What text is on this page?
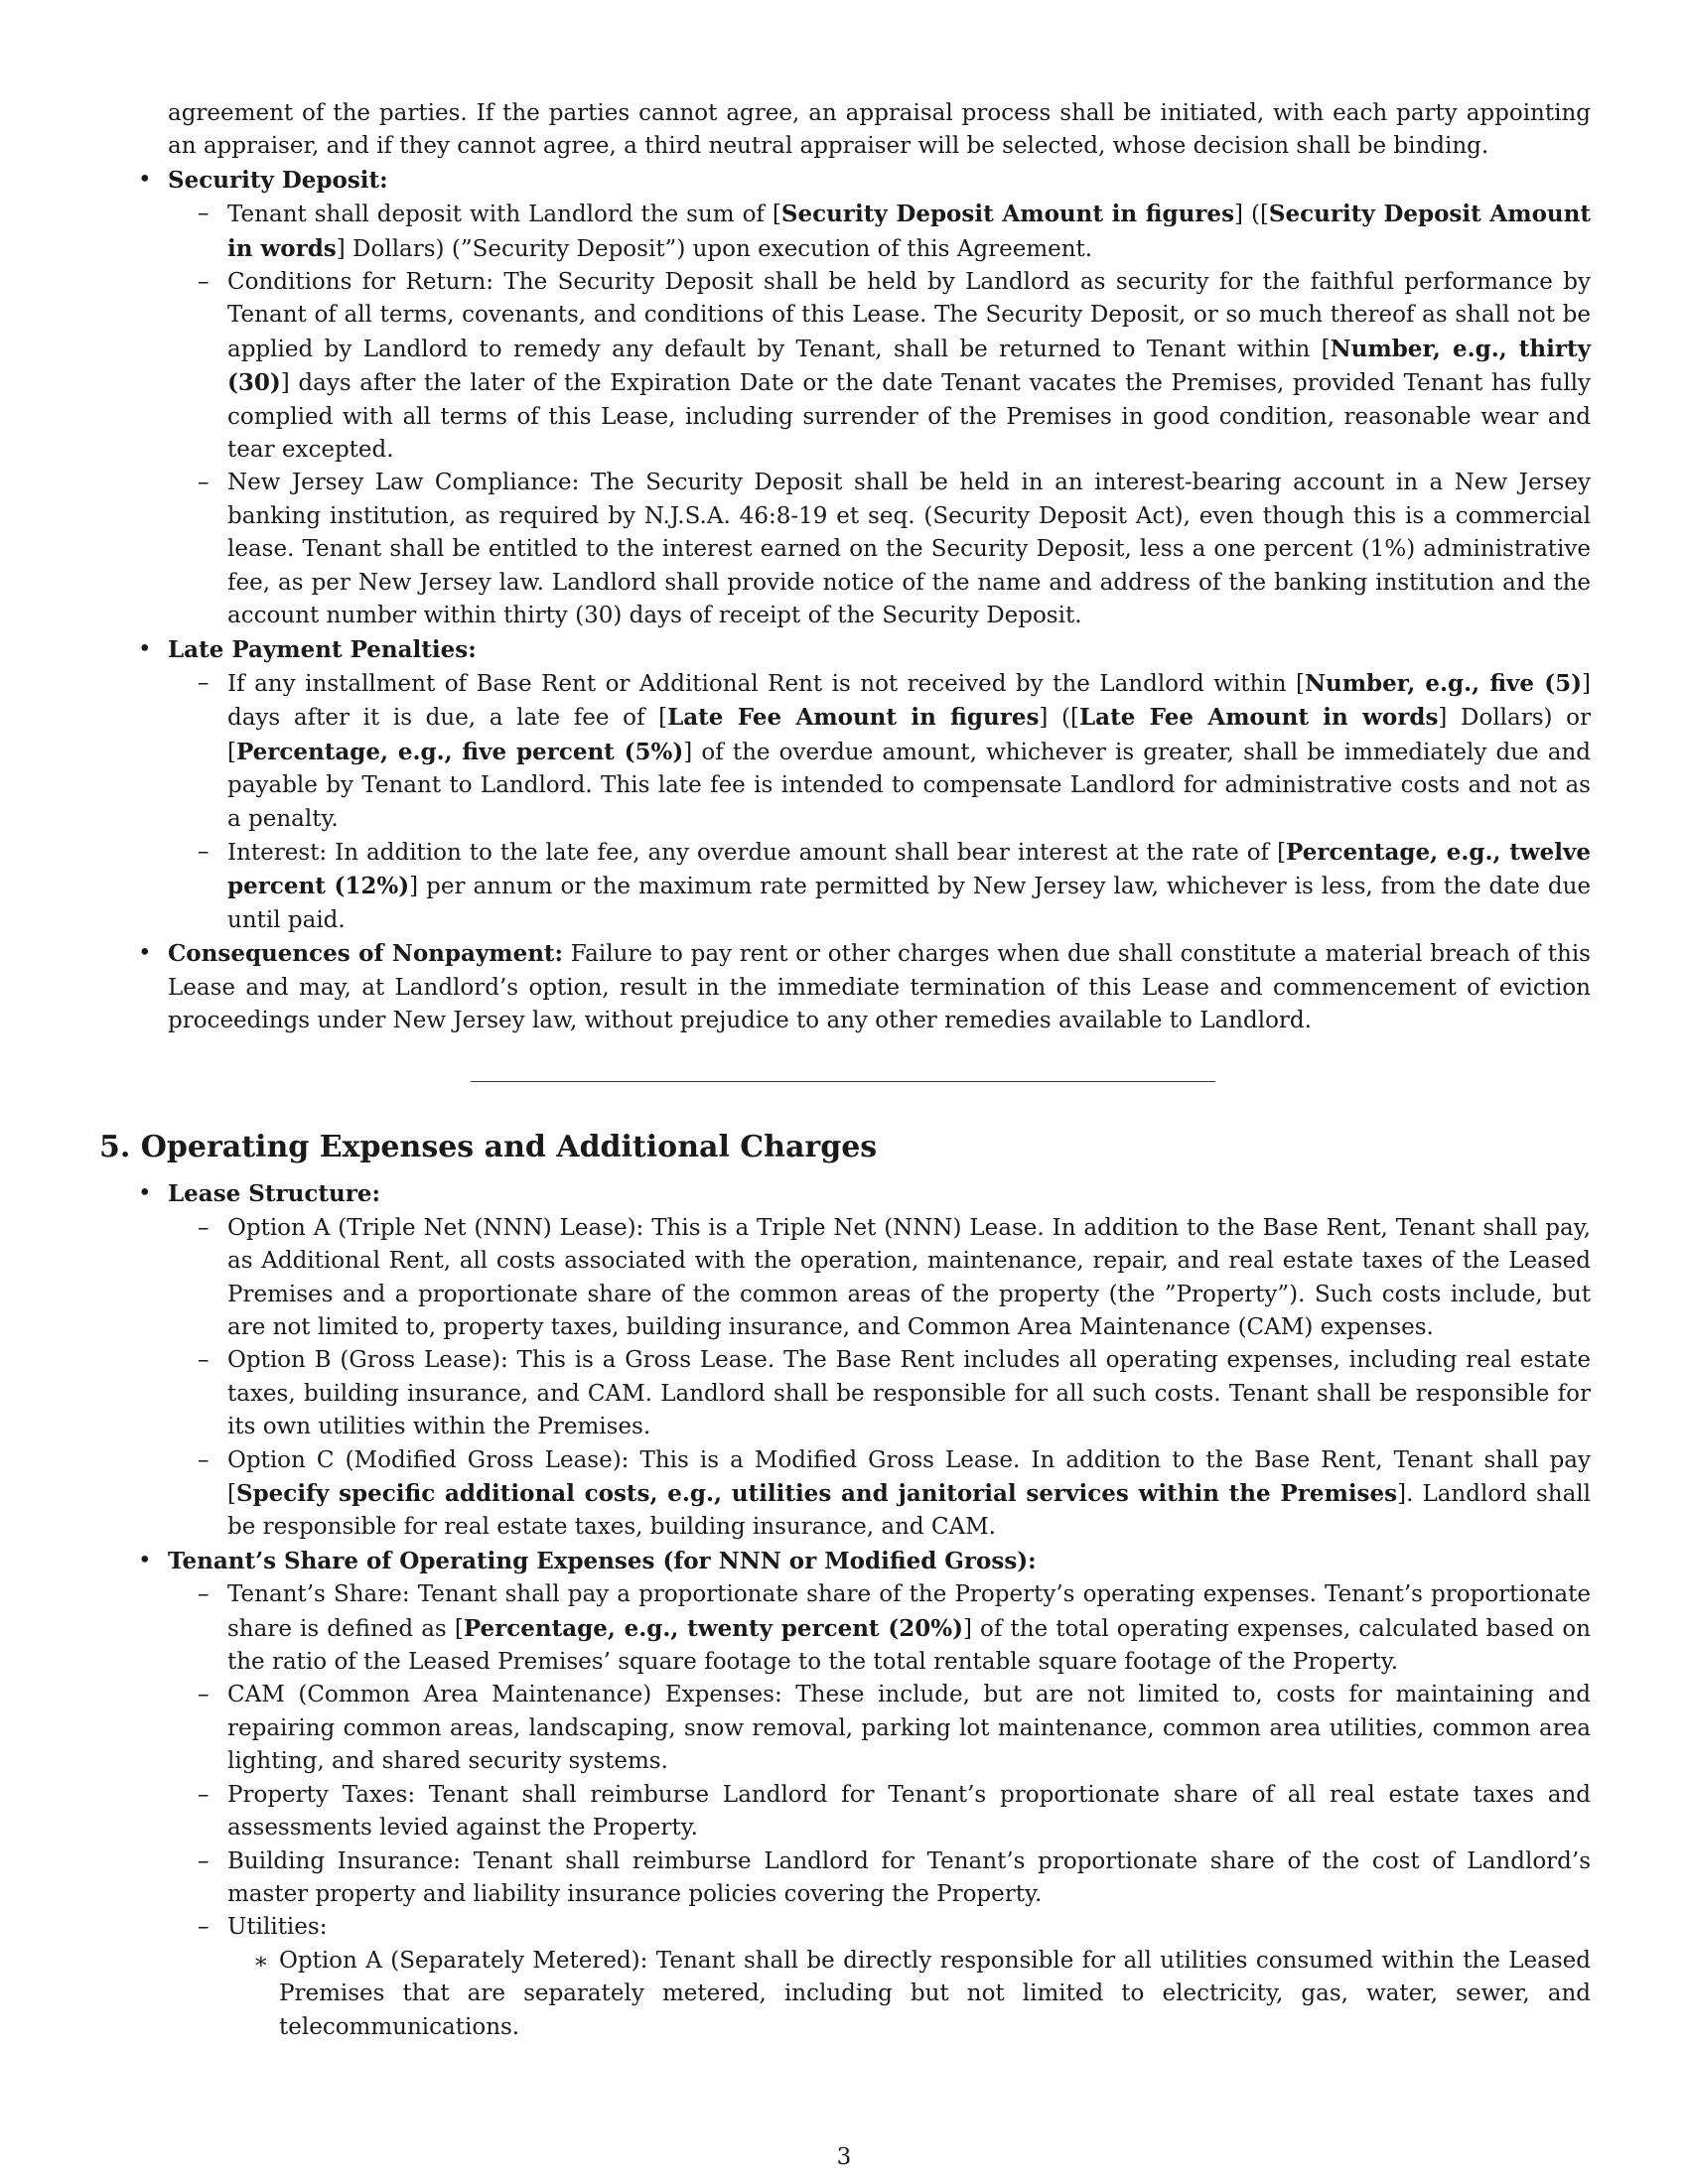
agreement of the parties. If the parties cannot agree, an appraisal process shall be initiated, with each party appointing an appraiser, and if they cannot agree, a third neutral appraiser will be selected, whose decision shall be binding.

• Security Deposit:
– Tenant shall deposit with Landlord the sum of [Security Deposit Amount in figures] ([Security Deposit Amount in words] Dollars) (”Security Deposit”) upon execution of this Agreement.
– Conditions for Return: The Security Deposit shall be held by Landlord as security for the faithful performance by Tenant of all terms, covenants, and conditions of this Lease. The Security Deposit, or so much thereof as shall not be applied by Landlord to remedy any default by Tenant, shall be returned to Tenant within [Number, e.g., thirty (30)] days after the later of the Expiration Date or the date Tenant vacates the Premises, provided Tenant has fully complied with all terms of this Lease, including surrender of the Premises in good condition, reasonable wear and tear excepted.
– New Jersey Law Compliance: The Security Deposit shall be held in an interest-bearing account in a New Jersey banking institution, as required by N.J.S.A. 46:8-19 et seq. (Security Deposit Act), even though this is a commercial lease. Tenant shall be entitled to the interest earned on the Security Deposit, less a one percent (1%) administrative fee, as per New Jersey law. Landlord shall provide notice of the name and address of the banking institution and the account number within thirty (30) days of receipt of the Security Deposit.
• Late Payment Penalties:
– If any installment of Base Rent or Additional Rent is not received by the Landlord within [Number, e.g., five (5)] days after it is due, a late fee of [Late Fee Amount in figures] ([Late Fee Amount in words] Dollars) or [Percentage, e.g., five percent (5%)] of the overdue amount, whichever is greater, shall be immediately due and payable by Tenant to Landlord. This late fee is intended to compensate Landlord for administrative costs and not as a penalty.
– Interest: In addition to the late fee, any overdue amount shall bear interest at the rate of [Percentage, e.g., twelve percent (12%)] per annum or the maximum rate permitted by New Jersey law, whichever is less, from the date due until paid.
• Consequences of Nonpayment: Failure to pay rent or other charges when due shall constitute a material breach of this Lease and may, at Landlord’s option, result in the immediate termination of this Lease and commencement of eviction proceedings under New Jersey law, without prejudice to any other remedies available to Landlord.
5. Operating Expenses and Additional Charges
• Lease Structure:
– Option A (Triple Net (NNN) Lease): This is a Triple Net (NNN) Lease. In addition to the Base Rent, Tenant shall pay, as Additional Rent, all costs associated with the operation, maintenance, repair, and real estate taxes of the Leased Premises and a proportionate share of the common areas of the property (the ”Property”). Such costs include, but are not limited to, property taxes, building insurance, and Common Area Maintenance (CAM) expenses.
– Option B (Gross Lease): This is a Gross Lease. The Base Rent includes all operating expenses, including real estate taxes, building insurance, and CAM. Landlord shall be responsible for all such costs. Tenant shall be responsible for its own utilities within the Premises.
– Option C (Modified Gross Lease): This is a Modified Gross Lease. In addition to the Base Rent, Tenant shall pay [Specify specific additional costs, e.g., utilities and janitorial services within the Premises]. Landlord shall be responsible for real estate taxes, building insurance, and CAM.
• Tenant’s Share of Operating Expenses (for NNN or Modified Gross):
– Tenant’s Share: Tenant shall pay a proportionate share of the Property’s operating expenses. Tenant’s proportionate share is defined as [Percentage, e.g., twenty percent (20%)] of the total operating expenses, calculated based on the ratio of the Leased Premises’ square footage to the total rentable square footage of the Property.
– CAM (Common Area Maintenance) Expenses: These include, but are not limited to, costs for maintaining and repairing common areas, landscaping, snow removal, parking lot maintenance, common area utilities, common area lighting, and shared security systems.
– Property Taxes: Tenant shall reimburse Landlord for Tenant’s proportionate share of all real estate taxes and assessments levied against the Property.
– Building Insurance: Tenant shall reimburse Landlord for Tenant’s proportionate share of the cost of Landlord’s master property and liability insurance policies covering the Property.
– Utilities:
∗ Option A (Separately Metered): Tenant shall be directly responsible for all utilities consumed within the Leased Premises that are separately metered, including but not limited to electricity, gas, water, sewer, and telecommunications.
3
